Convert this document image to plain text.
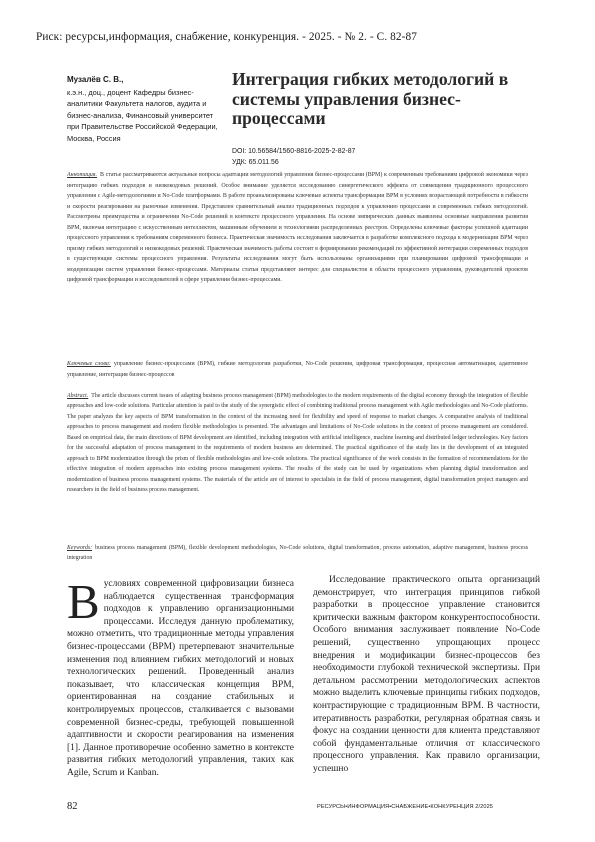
Риск: ресурсы,информация, снабжение, конкуренция. - 2025. - № 2. - С. 82-87
Музалёв С. В.,
к.э.н., доц., доцент Кафедры бизнес-аналитики Факультета налогов, аудита и бизнес-анализа, Финансовый университет при Правительстве Российской Федерации, Москва, Россия
Интеграция гибких методологий в системы управления бизнес-процессами
DOI: 10.56584/1560-8816-2025-2-82-87
УДК: 65.011.56
Аннотация. В статье рассматриваются актуальные вопросы адаптации методологий управления бизнес-процессами (BPM) к современным требованиям цифровой экономики через интеграцию гибких подходов и низкокодовых решений. Особое внимание уделяется исследованию синергетического эффекта от совмещения традиционного процессного управления с Agile-методологиями и No-Code платформами. В работе проанализированы ключевые аспекты трансформации BPM в условиях возрастающей потребности в гибкости и скорости реагирования на рыночные изменения. Представлен сравнительный анализ традиционных подходов к управлению процессами и современных гибких методологий. Рассмотрены преимущества и ограничения No-Code решений в контексте процессного управления. На основе эмпирических данных выявлены основные направления развития BPM, включая интеграцию с искусственным интеллектом, машинным обучением и технологиями распределенных реестров. Определены ключевые факторы успешной адаптации процессного управления к требованиям современного бизнеса. Практическая значимость исследования заключается в разработке комплексного подхода к модернизации BPM через призму гибких методологий и низкокодовых решений. Практическая значимость работы состоит в формировании рекомендаций по эффективной интеграции современных подходов в существующие системы процессного управления. Результаты исследования могут быть использованы организациями при планировании цифровой трансформации и модернизации систем управления бизнес-процессами. Материалы статьи представляют интерес для специалистов в области процессного управления, руководителей проектов цифровой трансформации и исследователей в сфере управления бизнес-процессами.
Ключевые слова: управление бизнес-процессами (BPM), гибкие методологии разработки, No-Code решения, цифровая трансформация, процессная автоматизация, адаптивное управление, интеграция бизнес-процессов
Abstract. The article discusses current issues of adapting business process management (BPM) methodologies to the modern requirements of the digital economy through the integration of flexible approaches and low-code solutions. Particular attention is paid to the study of the synergistic effect of combining traditional process management with Agile methodologies and No-Code platforms. The paper analyzes the key aspects of BPM transformation in the context of the increasing need for flexibility and speed of response to market changes. A comparative analysis of traditional approaches to process management and modern flexible methodologies is presented. The advantages and limitations of No-Code solutions in the context of process management are considered. Based on empirical data, the main directions of BPM development are identified, including integration with artificial intelligence, machine learning and distributed ledger technologies. Key factors for the successful adaptation of process management to the requirements of modern business are determined. The practical significance of the study lies in the development of an integrated approach to BPM modernization through the prism of flexible methodologies and low-code solutions. The practical significance of the work consists in the formation of recommendations for the effective integration of modern approaches into existing process management systems. The results of the study can be used by organizations when planning digital transformation and modernization of business process management systems. The materials of the article are of interest to specialists in the field of process management, digital transformation project managers and researchers in the field of business process management.
Keywords: business process management (BPM), flexible development methodologies, No-Code solutions, digital transformation, process automation, adaptive management, business process integration
Вусловиях современной цифровизации бизнеса наблюдается существенная трансформация подходов к управлению организационными процессами. Исследуя данную проблематику, можно отметить, что традиционные методы управления бизнес-процессами (BPM) претерпевают значительные изменения под влиянием гибких методологий и новых технологических решений. Проведенный анализ показывает, что классическая концепция BPM, ориентированная на создание стабильных и контролируемых процессов, сталкивается с вызовами современной бизнес-среды, требующей повышенной адаптивности и скорости реагирования на изменения [1]. Данное противоречие особенно заметно в контексте развития гибких методологий управления, таких как Agile, Scrum и Kanban.
Исследование практического опыта организаций демонстрирует, что интеграция принципов гибкой разработки в процессное управление становится критически важным фактором конкурентоспособности. Особого внимания заслуживает появление No-Code решений, существенно упрощающих процесс внедрения и модификации бизнес-процессов без необходимости глубокой технической экспертизы. При детальном рассмотрении методологических аспектов можно выделить ключевые принципы гибких подходов, контрастирующие с традиционным BPM. В частности, итеративность разработки, регулярная обратная связь и фокус на создании ценности для клиента представляют собой фундаментальные отличия от классического процессного управления. Как правило организации, успешно
82	РЕСУРСЫ•ИНФОРМАЦИЯ•СНАБЖЕНИЕ•КОНКУРЕНЦИЯ 2/2025
